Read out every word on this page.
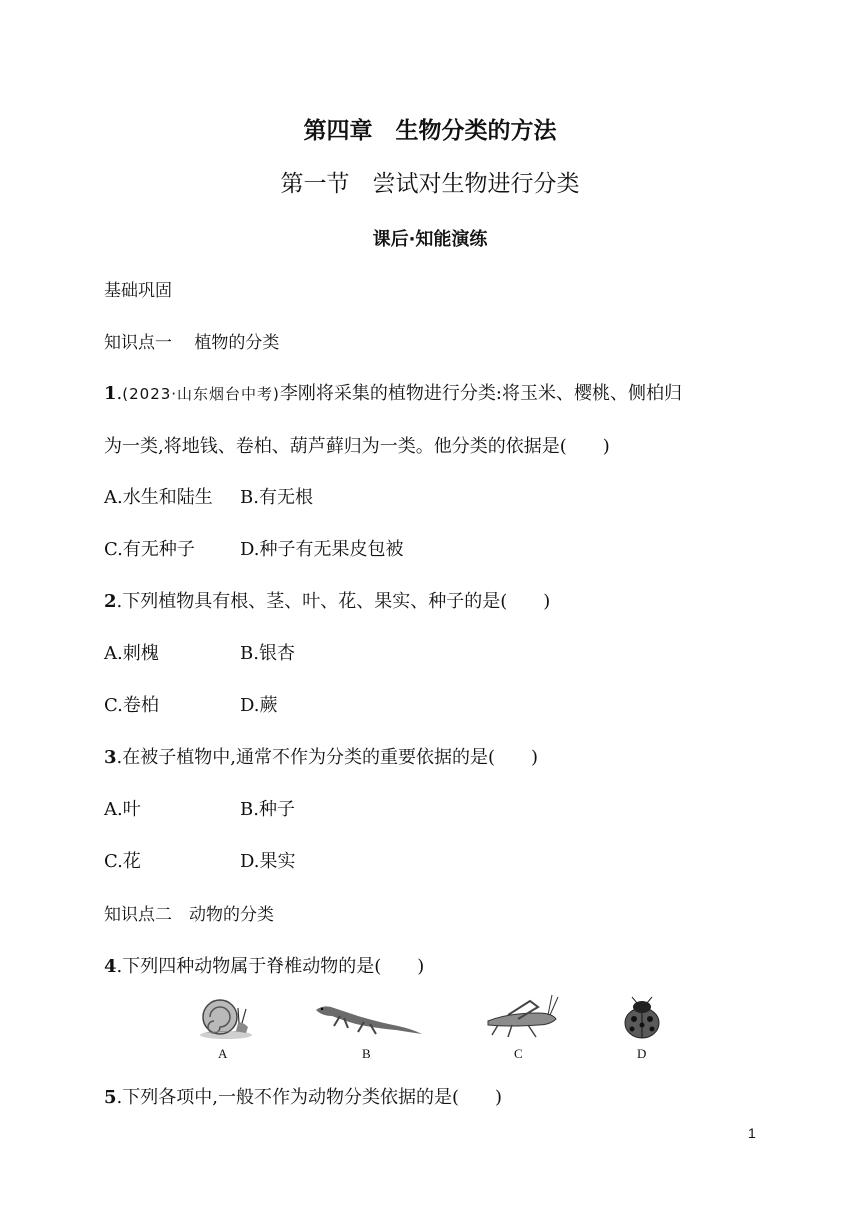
第四章　生物分类的方法
第一节　尝试对生物进行分类
课后·知能演练
基础巩固
知识点一　 植物的分类
1.(2023·山东烟台中考)李刚将采集的植物进行分类:将玉米、樱桃、侧柏归
为一类,将地钱、卷柏、葫芦藓归为一类。他分类的依据是(　　)
A.水生和陆生 B.有无根
C.有无种子	D.种子有无果皮包被
2.下列植物具有根、茎、叶、花、果实、种子的是(　　)
A.刺槐	B.银杏
C.卷柏	D.蕨
3.在被子植物中,通常不作为分类的重要依据的是(　　)
A.叶	B.种子
C.花	D.果实
知识点二　动物的分类
4.下列四种动物属于脊椎动物的是(　　)
A	B	C	D
5.下列各项中,一般不作为动物分类依据的是(　　)
1
